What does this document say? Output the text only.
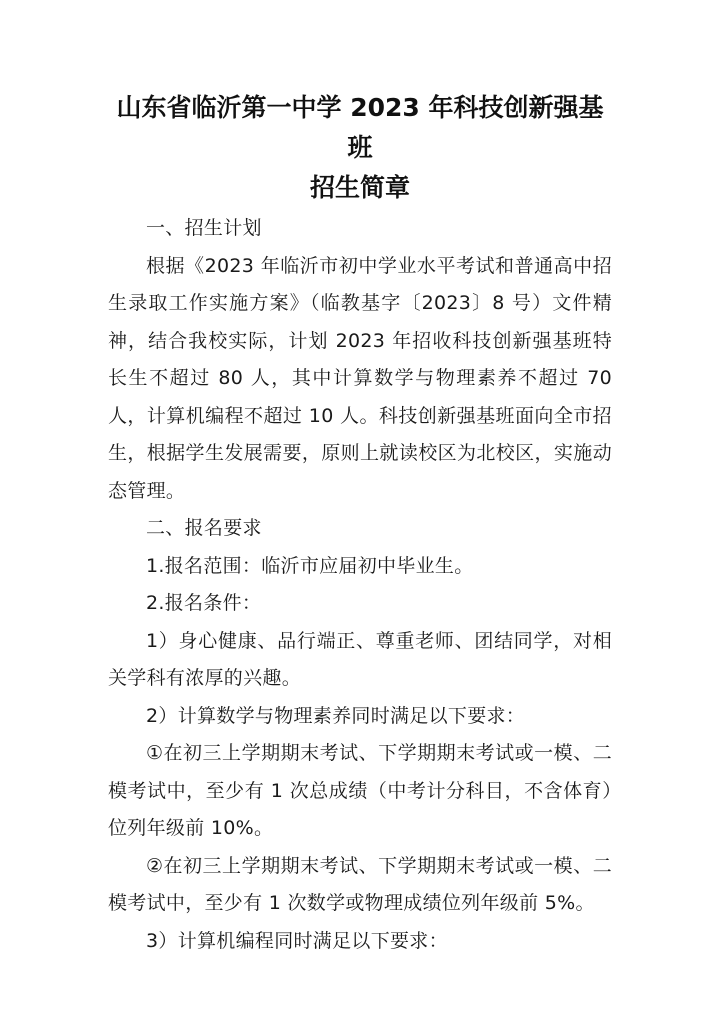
山东省临沂第一中学 2023 年科技创新强基班
招生简章

一、招生计划

根据《2023 年临沂市初中学业水平考试和普通高中招生录取工作实施方案》（临教基字〔2023〕8 号）文件精神，结合我校实际，计划 2023 年招收科技创新强基班特长生不超过 80 人，其中计算数学与物理素养不超过 70 人，计算机编程不超过 10 人。科技创新强基班面向全市招生，根据学生发展需要，原则上就读校区为北校区，实施动态管理。

二、报名要求

1.报名范围：临沂市应届初中毕业生。

2.报名条件：

1）身心健康、品行端正、尊重老师、团结同学，对相关学科有浓厚的兴趣。

2）计算数学与物理素养同时满足以下要求：

①在初三上学期期末考试、下学期期末考试或一模、二模考试中，至少有 1 次总成绩（中考计分科目，不含体育）位列年级前 10%。

②在初三上学期期末考试、下学期期末考试或一模、二模考试中，至少有 1 次数学或物理成绩位列年级前 5%。

3）计算机编程同时满足以下要求：
